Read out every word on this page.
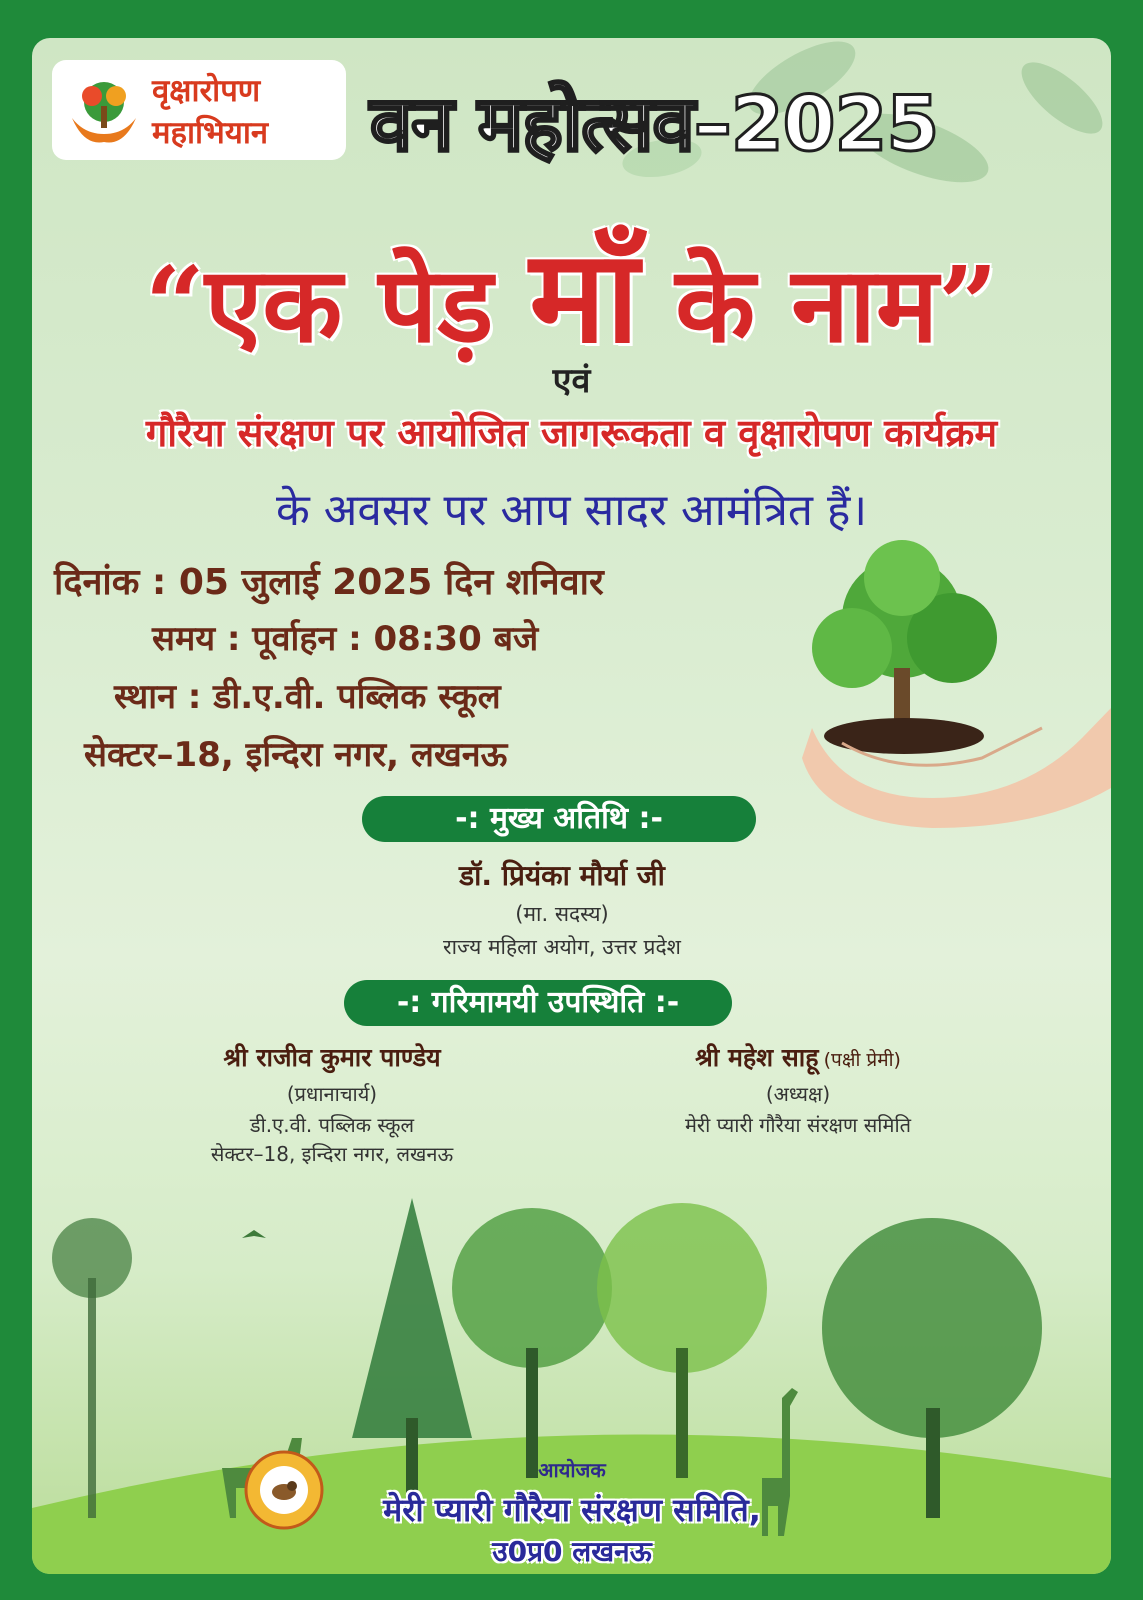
वृक्षारोपण
महाभियान वन महोत्सव–2025
“एक पेड़ माँ के नाम”
एवं
गौरैया संरक्षण पर आयोजित जागरूकता व वृक्षारोपण कार्यक्रम
के अवसर पर आप सादर आमंत्रित हैं।
दिनांक : 05 जुलाई 2025 दिन शनिवार
समय : पूर्वाहन : 08:30 बजे
स्थान : डी.ए.वी. पब्लिक स्कूल
सेक्टर–18, इन्दिरा नगर, लखनऊ
-: मुख्य अतिथि :-
डॉ. प्रियंका मौर्या जी
(मा. सदस्य)
राज्य महिला अयोग, उत्तर प्रदेश
-: गरिमामयी उपस्थिति :-
श्री राजीव कुमार पाण्डेय
(प्रधानाचार्य)
डी.ए.वी. पब्लिक स्कूल
सेक्टर–18, इन्दिरा नगर, लखनऊ
श्री महेश साहू (पक्षी प्रेमी)
(अध्यक्ष)
मेरी प्यारी गौरैया संरक्षण समिति
आयोजक
मेरी प्यारी गौरैया संरक्षण समिति,
उ0प्र0 लखनऊ
